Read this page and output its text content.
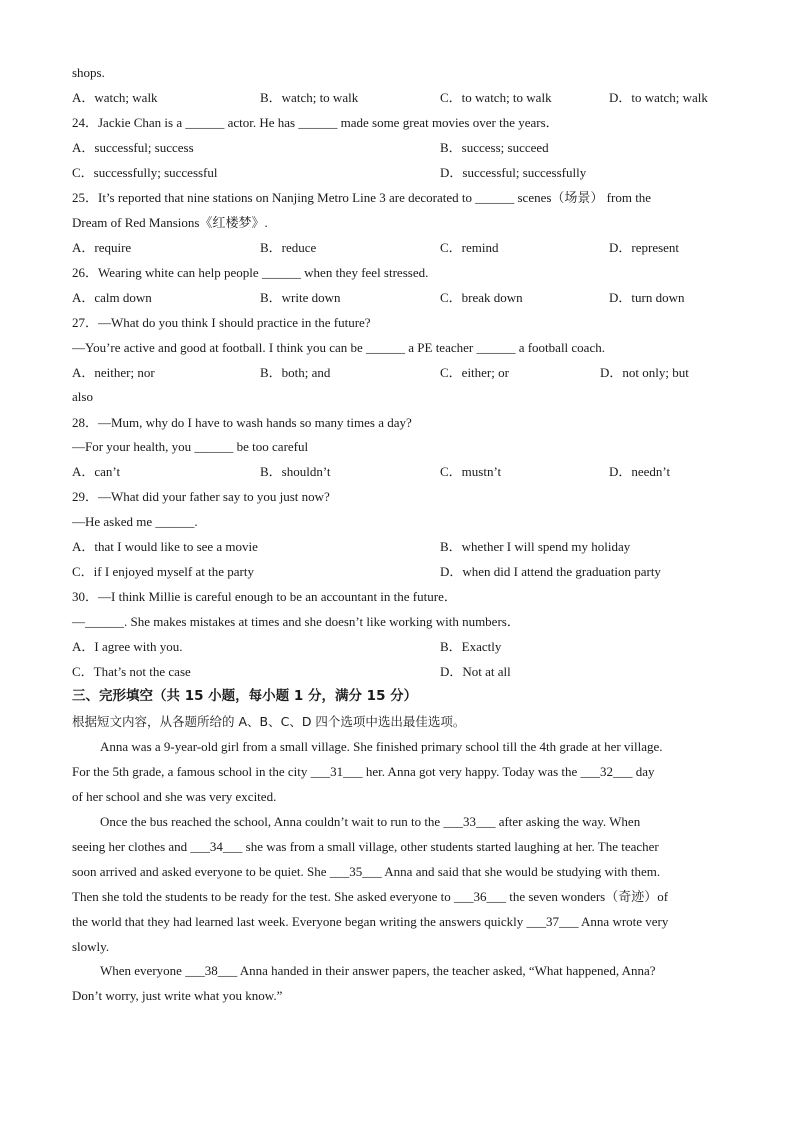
shops.
A．watch; walk	B．watch; to walk	C．to watch; to walk	D．to watch; walk
24．Jackie Chan is a ______ actor. He has ______ made some great movies over the years．
A．successful; success	B．success; succeed
C．successfully; successful	D．successful; successfully
25．It’s reported that nine stations on Nanjing Metro Line 3 are decorated to ______ scenes（场景） from the
Dream of Red Mansions《红楼梦》.
A．require	B．reduce	C．remind	D．represent
26．Wearing white can help people ______ when they feel stressed.
A．calm down	B．write down	C．break down	D．turn down
27．—What do you think I should practice in the future?
—You’re active and good at football. I think you can be ______ a PE teacher ______ a football coach.
A．neither; nor	B．both; and	C．either; or	D．not only; but
also
28．—Mum, why do I have to wash hands so many times a day?
—For your health, you ______ be too careful
A．can’t	B．shouldn’t	C．mustn’t	D．needn’t
29．—What did your father say to you just now?
—He asked me ______.
A．that I would like to see a movie	B．whether I will spend my holiday
C．if I enjoyed myself at the party	D．when did I attend the graduation party
30．—I think Millie is careful enough to be an accountant in the future．
—______. She makes mistakes at times and she doesn’t like working with numbers．
A．I agree with you.	B．Exactly
C．That’s not the case	D．Not at all
三、完形填空（共 15 小题，每小题 1 分，满分 15 分）
根据短文内容，从各题所给的 A、B、C、D 四个选项中选出最佳选项。
Anna was a 9-year-old girl from a small village. She finished primary school till the 4th grade at her village.
For the 5th grade, a famous school in the city ___31___ her. Anna got very happy. Today was the ___32___ day
of her school and she was very excited.
Once the bus reached the school, Anna couldn’t wait to run to the ___33___ after asking the way. When
seeing her clothes and ___34___ she was from a small village, other students started laughing at her. The teacher
soon arrived and asked everyone to be quiet. She ___35___ Anna and said that she would be studying with them.
Then she told the students to be ready for the test. She asked everyone to ___36___ the seven wonders（奇迹）of
the world that they had learned last week. Everyone began writing the answers quickly ___37___ Anna wrote very
slowly.
When everyone ___38___ Anna handed in their answer papers, the teacher asked, “What happened, Anna?
Don’t worry, just write what you know.”
